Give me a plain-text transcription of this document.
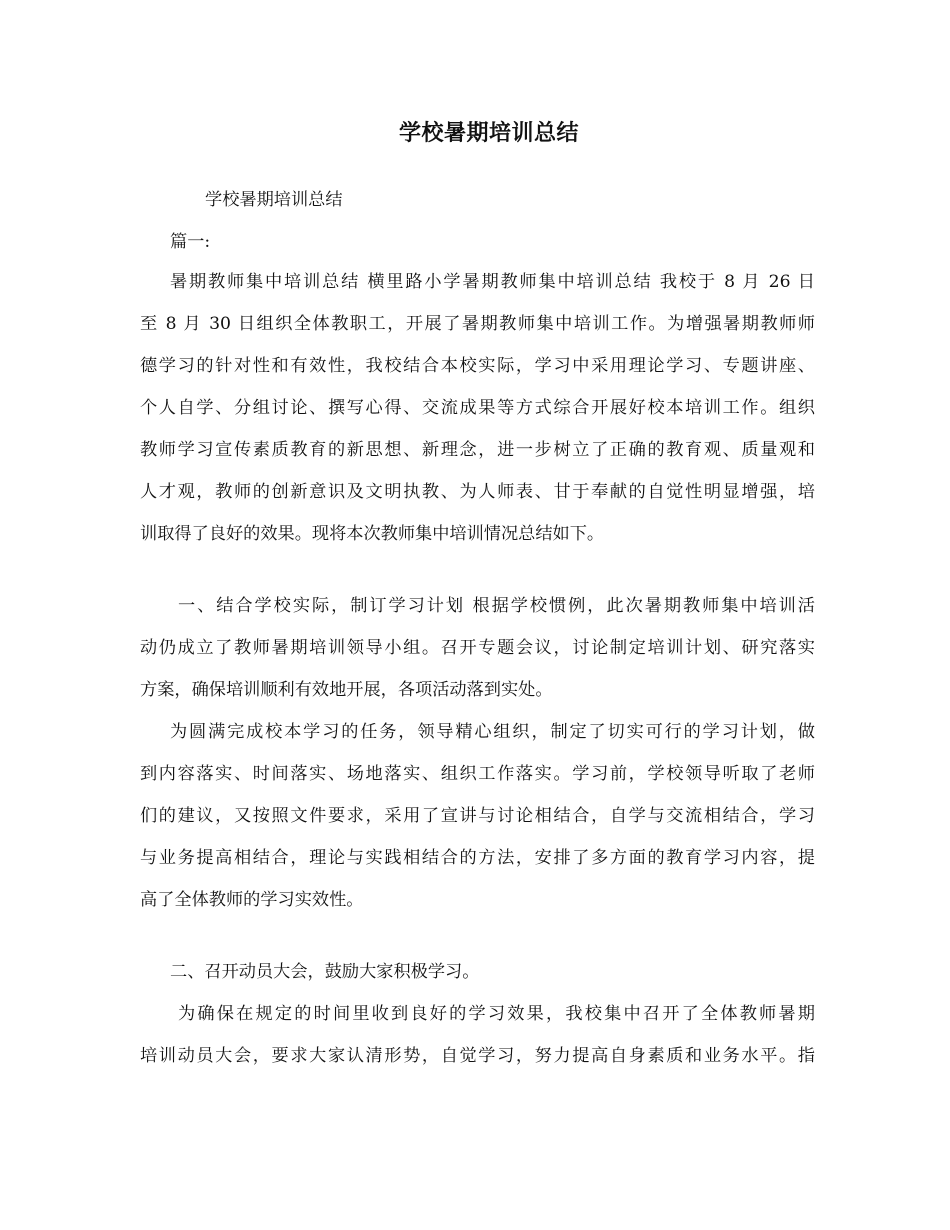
学校暑期培训总结

学校暑期培训总结

篇一:

暑期教师集中培训总结 横里路小学暑期教师集中培训总结 我校于 8 月 26 日

至 8 月 30 日组织全体教职工，开展了暑期教师集中培训工作。为增强暑期教师师

德学习的针对性和有效性，我校结合本校实际，学习中采用理论学习、专题讲座、

个人自学、分组讨论、撰写心得、交流成果等方式综合开展好校本培训工作。组织

教师学习宣传素质教育的新思想、新理念，进一步树立了正确的教育观、质量观和

人才观，教师的创新意识及文明执教、为人师表、甘于奉献的自觉性明显增强，培

训取得了良好的效果。现将本次教师集中培训情况总结如下。

一、结合学校实际，制订学习计划 根据学校惯例，此次暑期教师集中培训活

动仍成立了教师暑期培训领导小组。召开专题会议，讨论制定培训计划、研究落实

方案，确保培训顺利有效地开展，各项活动落到实处。

为圆满完成校本学习的任务，领导精心组织，制定了切实可行的学习计划，做

到内容落实、时间落实、场地落实、组织工作落实。学习前，学校领导听取了老师

们的建议，又按照文件要求，采用了宣讲与讨论相结合，自学与交流相结合，学习

与业务提高相结合，理论与实践相结合的方法，安排了多方面的教育学习内容，提

高了全体教师的学习实效性。

二、召开动员大会，鼓励大家积极学习。

为确保在规定的时间里收到良好的学习效果，我校集中召开了全体教师暑期

培训动员大会，要求大家认清形势，自觉学习，努力提高自身素质和业务水平。指
